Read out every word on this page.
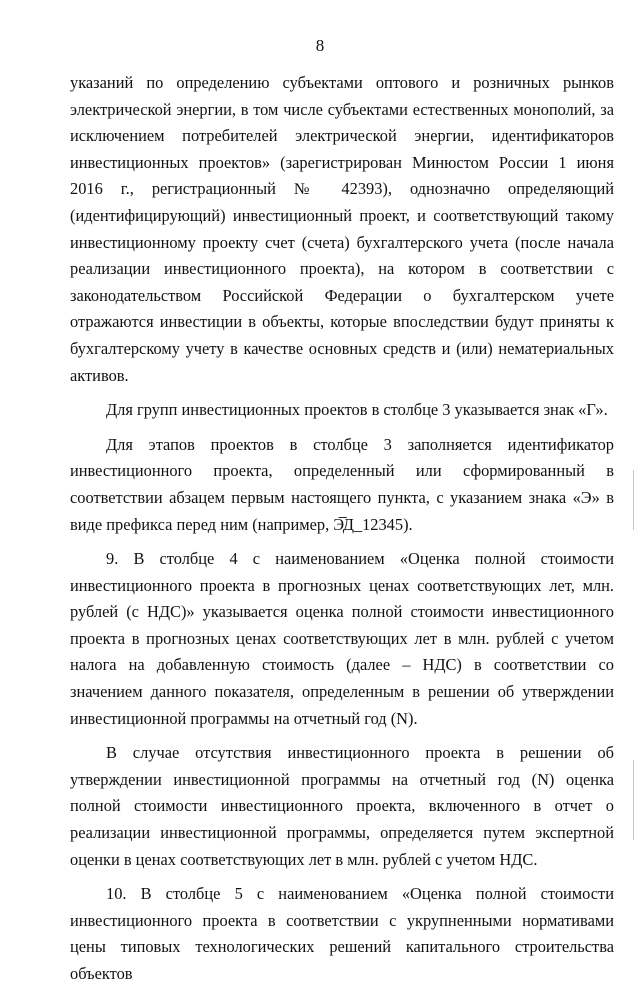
8

указаний по определению субъектами оптового и розничных рынков электрической энергии, в том числе субъектами естественных монополий, за исключением потребителей электрической энергии, идентификаторов инвестиционных проектов» (зарегистрирован Минюстом России 1 июня 2016 г., регистрационный № 42393), однозначно определяющий (идентифицирующий) инвестиционный проект, и соответствующий такому инвестиционному проекту счет (счета) бухгалтерского учета (после начала реализации инвестиционного проекта), на котором в соответствии с законодательством Российской Федерации о бухгалтерском учете отражаются инвестиции в объекты, которые впоследствии будут приняты к бухгалтерскому учету в качестве основных средств и (или) нематериальных активов.

Для групп инвестиционных проектов в столбце 3 указывается знак «Г».

Для этапов проектов в столбце 3 заполняется идентификатор инвестиционного проекта, определенный или сформированный в соответствии абзацем первым настоящего пункта, с указанием знака «Э» в виде префикса перед ним (например, Э̅Д_12345).

9. В столбце 4 с наименованием «Оценка полной стоимости инвестиционного проекта в прогнозных ценах соответствующих лет, млн. рублей (с НДС)» указывается оценка полной стоимости инвестиционного проекта в прогнозных ценах соответствующих лет в млн. рублей с учетом налога на добавленную стоимость (далее – НДС) в соответствии со значением данного показателя, определенным в решении об утверждении инвестиционной программы на отчетный год (N).

В случае отсутствия инвестиционного проекта в решении об утверждении инвестиционной программы на отчетный год (N) оценка полной стоимости инвестиционного проекта, включенного в отчет о реализации инвестиционной программы, определяется путем экспертной оценки в ценах соответствующих лет в млн. рублей с учетом НДС.

10. В столбце 5 с наименованием «Оценка полной стоимости инвестиционного проекта в соответствии с укрупненными нормативами цены типовых технологических решений капитального строительства объектов
